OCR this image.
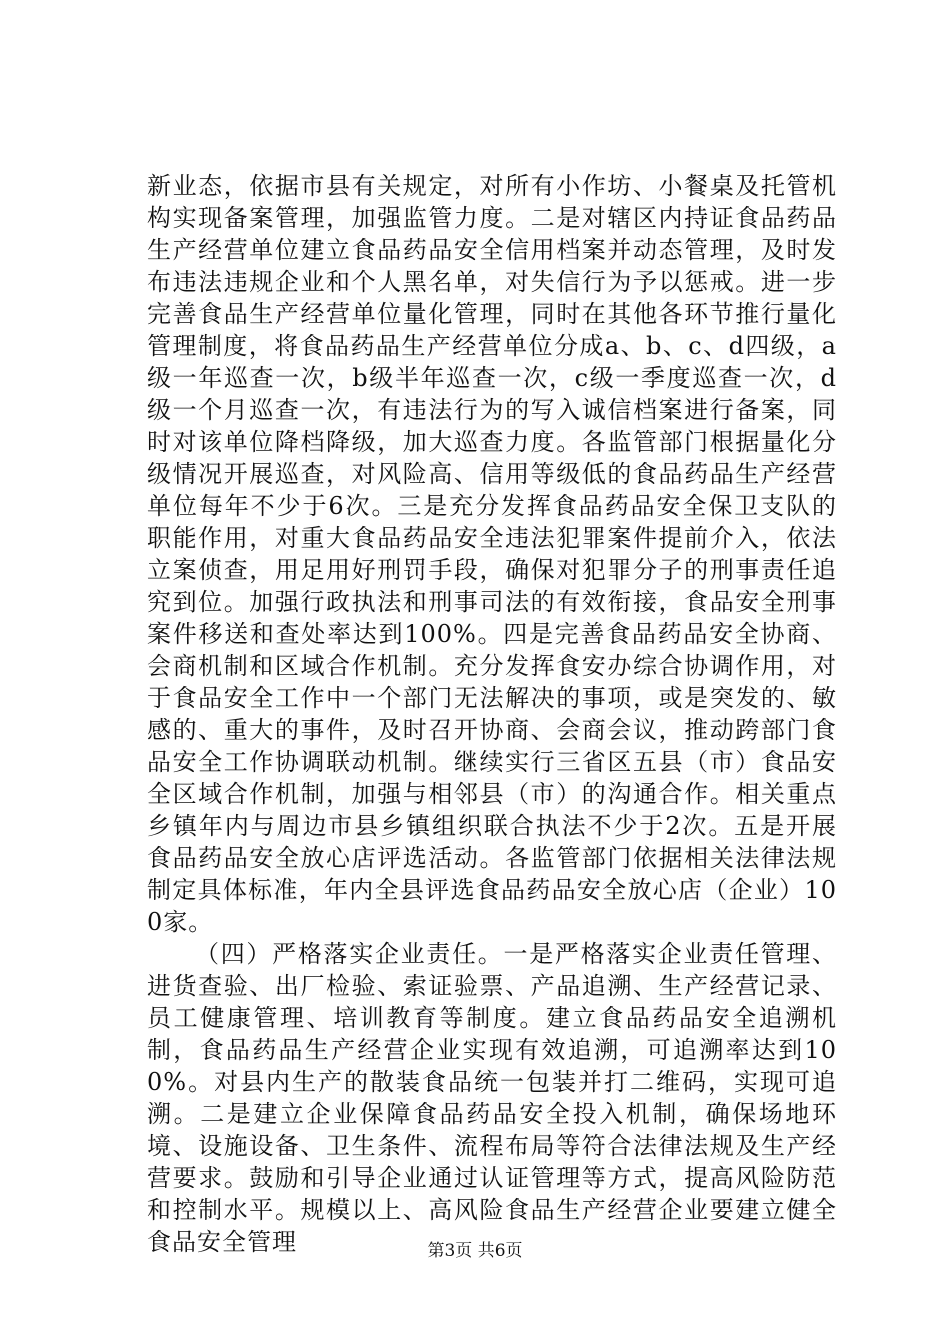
新业态，依据市县有关规定，对所有小作坊、小餐桌及托管机构实现备案管理，加强监管力度。二是对辖区内持证食品药品生产经营单位建立食品药品安全信用档案并动态管理，及时发布违法违规企业和个人黑名单，对失信行为予以惩戒。进一步完善食品生产经营单位量化管理，同时在其他各环节推行量化管理制度，将食品药品生产经营单位分成a、b、c、d四级，a级一年巡查一次，b级半年巡查一次，c级一季度巡查一次，d级一个月巡查一次，有违法行为的写入诚信档案进行备案，同时对该单位降档降级，加大巡查力度。各监管部门根据量化分级情况开展巡查，对风险高、信用等级低的食品药品生产经营单位每年不少于6次。三是充分发挥食品药品安全保卫支队的职能作用，对重大食品药品安全违法犯罪案件提前介入，依法立案侦查，用足用好刑罚手段，确保对犯罪分子的刑事责任追究到位。加强行政执法和刑事司法的有效衔接，食品安全刑事案件移送和查处率达到100%。四是完善食品药品安全协商、会商机制和区域合作机制。充分发挥食安办综合协调作用，对于食品安全工作中一个部门无法解决的事项，或是突发的、敏感的、重大的事件，及时召开协商、会商会议，推动跨部门食品安全工作协调联动机制。继续实行三省区五县（市）食品安全区域合作机制，加强与相邻县（市）的沟通合作。相关重点乡镇年内与周边市县乡镇组织联合执法不少于2次。五是开展食品药品安全放心店评选活动。各监管部门依据相关法律法规制定具体标准，年内全县评选食品药品安全放心店（企业）100家。

（四）严格落实企业责任。一是严格落实企业责任管理、进货查验、出厂检验、索证验票、产品追溯、生产经营记录、员工健康管理、培训教育等制度。建立食品药品安全追溯机制，食品药品生产经营企业实现有效追溯，可追溯率达到100%。对县内生产的散装食品统一包装并打二维码，实现可追溯。二是建立企业保障食品药品安全投入机制，确保场地环境、设施设备、卫生条件、流程布局等符合法律法规及生产经营要求。鼓励和引导企业通过认证管理等方式，提高风险防范和控制水平。规模以上、高风险食品生产经营企业要建立健全食品安全管理	第3页 共6页
